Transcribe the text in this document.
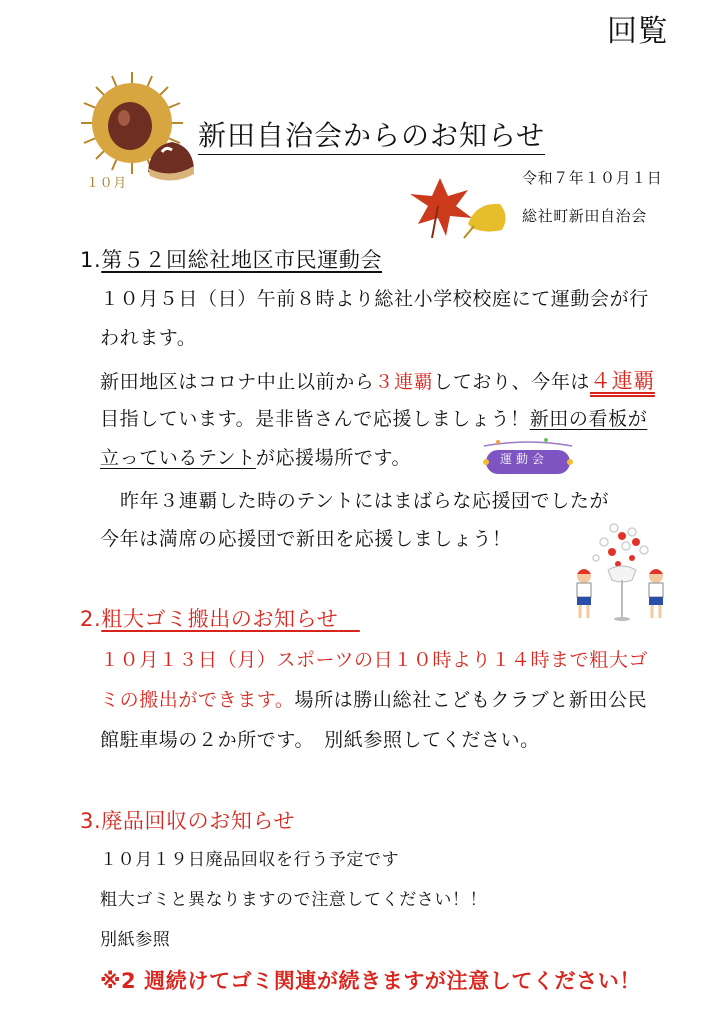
回覧
１０月
新田自治会からのお知らせ
令和７年１０月１日
総社町新田自治会
1.第５２回総社地区市民運動会
１０月５日（日）午前８時より総社小学校校庭にて運動会が行
われます。
新田地区はコロナ中止以前から３連覇しており、今年は４連覇
目指しています。是非皆さんで応援しましょう！新田の看板が
立っているテントが応援場所です。	運動会
昨年３連覇した時のテントにはまばらな応援団でしたが
今年は満席の応援団で新田を応援しましょう！
2.粗大ゴミ搬出のお知らせ　
１０月１３日（月）スポーツの日１０時より１４時まで粗大ゴ
ミの搬出ができます。場所は勝山総社こどもクラブと新田公民
館駐車場の２か所です。　別紙参照してください。
3.廃品回収のお知らせ
１０月１９日廃品回収を行う予定です
粗大ゴミと異なりますので注意してください！！
別紙参照
※2 週続けてゴミ関連が続きますが注意してください！
